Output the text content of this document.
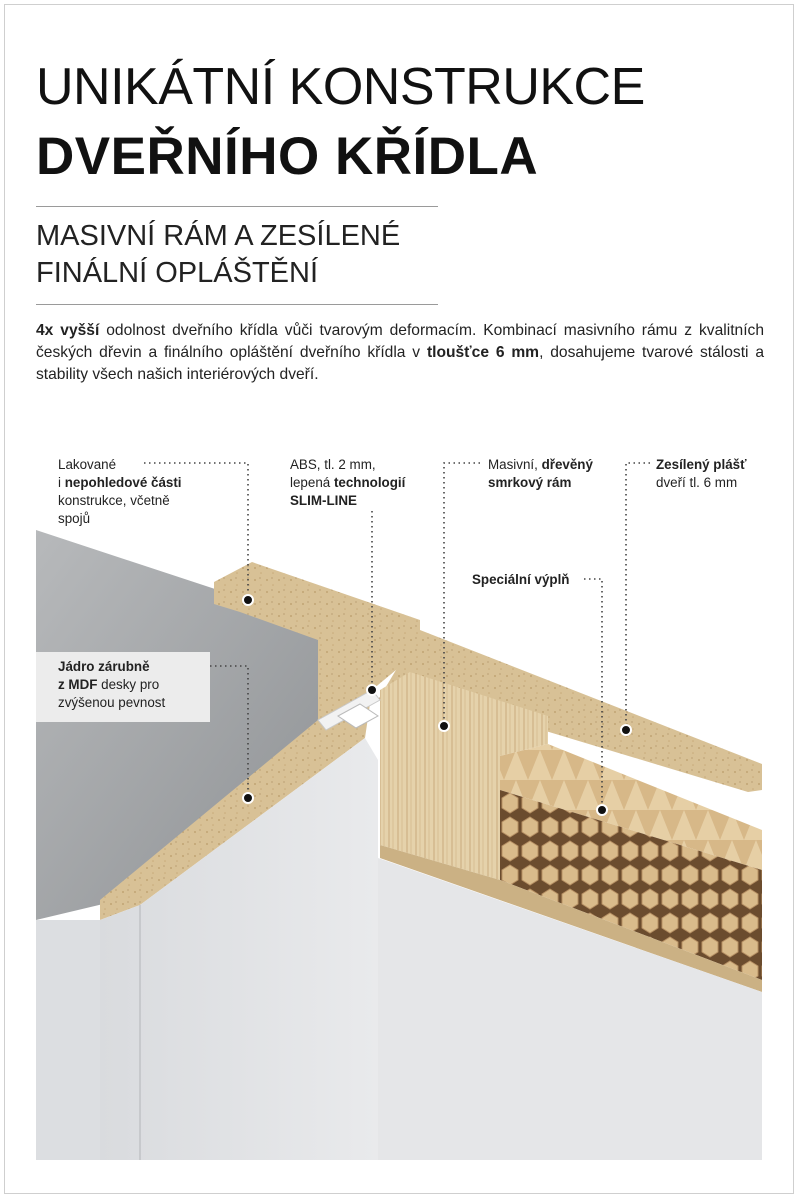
UNIKÁTNÍ KONSTRUKCE
DVEŘNÍHO KŘÍDLA
MASIVNÍ RÁM A ZESÍLENÉ
FINÁLNÍ OPLÁŠTĚNÍ
4x vyšší odolnost dveřního křídla vůči tvarovým deformacím. Kombinací masivního rámu z kvalitních českých dřevin a finálního opláštění dveřního křídla v tloušťce 6 mm, dosahujeme tvarové stálosti a stability všech našich interiérových dveří.
Lakované
i nepohledové části
konstrukce, včetně
spojů
ABS, tl. 2 mm,
lepená technologií
SLIM-LINE
Masivní, dřevěný
smrkový rám
Zesílený plášť
dveří tl. 6 mm
Speciální výplň
Jádro zárubně
z MDF desky pro
zvýšenou pevnost
